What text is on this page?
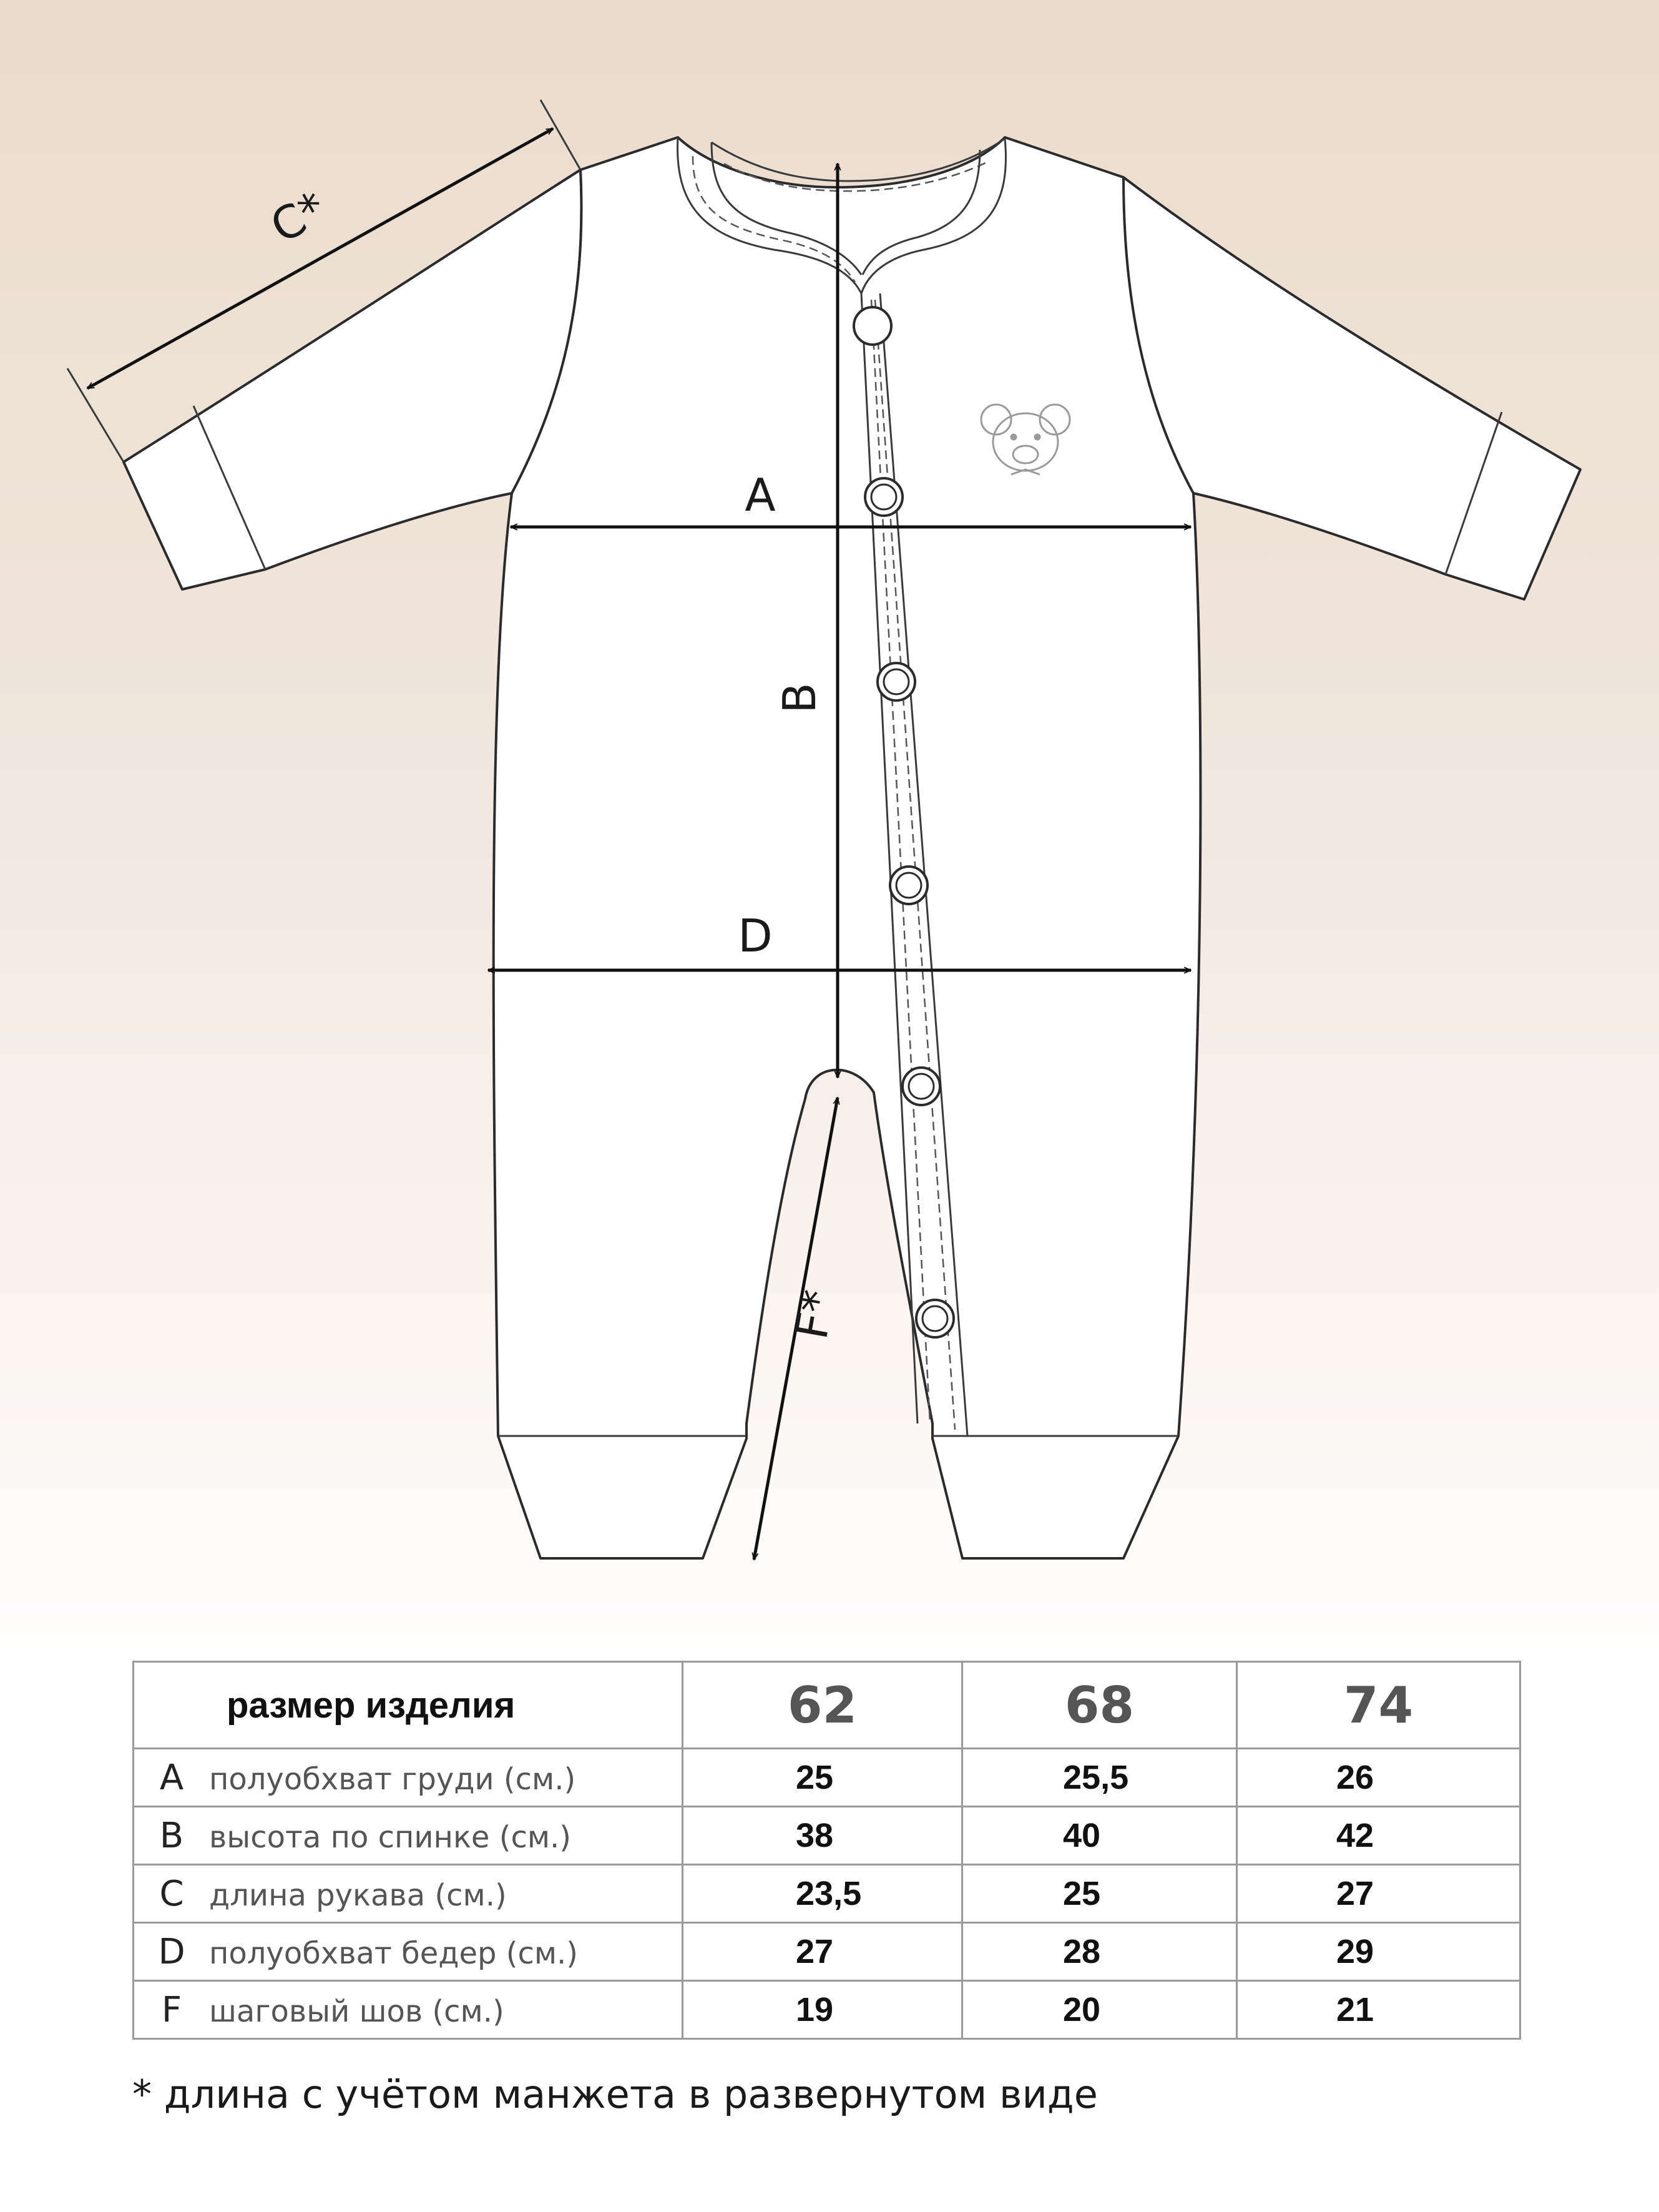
C*
A
D
B
F*
размер изделия	62	68	74
A полуобхват груди (см.)	25	25,5	26
B высота по спинке (см.)	38	40	42
C длина рукава (см.)	23,5	25	27
D полуобхват бедер (см.)	27	28	29
F шаговый шов (см.)	19	20	21
* длина с учётом манжета в развернутом виде
